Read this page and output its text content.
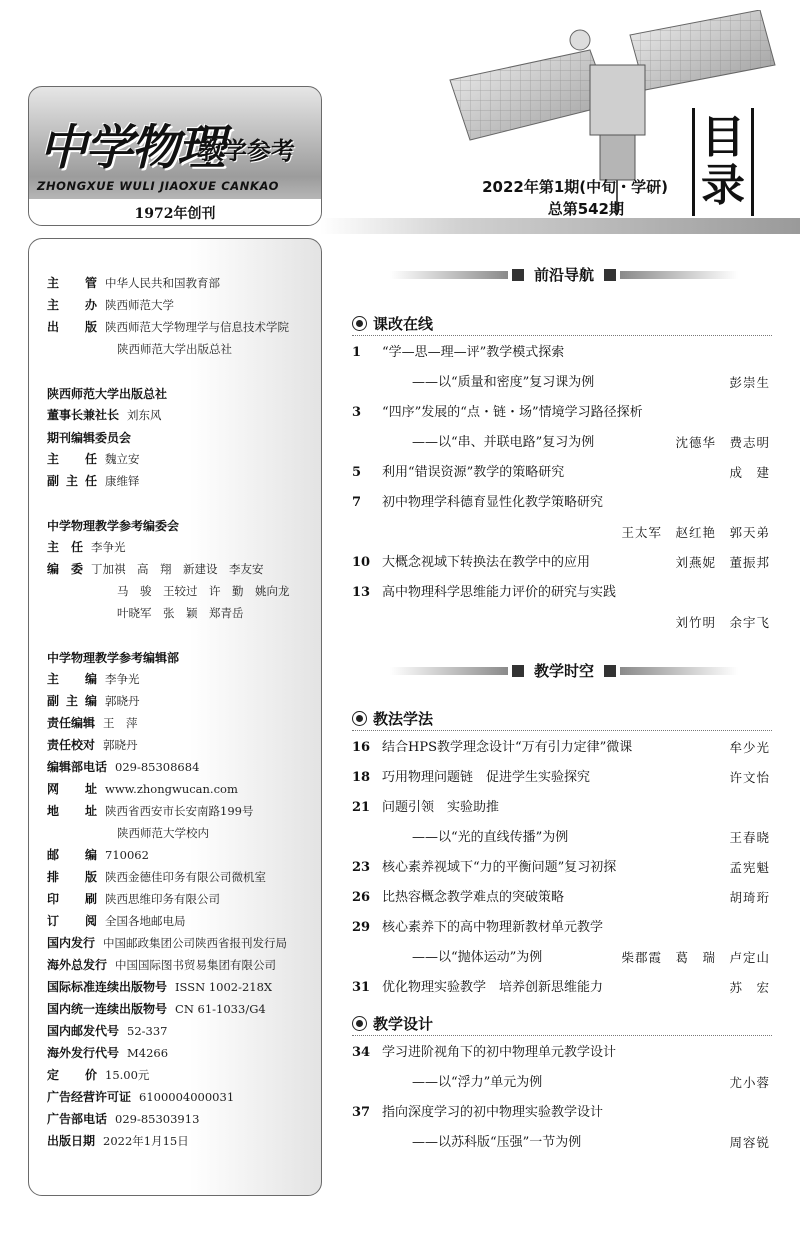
中学物理
教学参考
ZHONGXUE WULI JIAOXUE CANKAO
1972年创刊
2022年第1期(中旬・学研)
总第542期
目
录
主　管 中华人民共和国教育部
主　办 陕西师范大学
出　版 陕西师范大学物理学与信息技术学院
陕西师范大学出版总社
陕西师范大学出版总社
董事长兼社长 刘东风
期刊编辑委员会
主　任 魏立安
副主任 康维铎
中学物理教学参考编委会
主　任 李争光
编　委 丁加祺　高　翔　新建设　李友安
马　骏　王较过　许　勤　姚向龙
叶晓军　张　颖　郑青岳
中学物理教学参考编辑部
主　编 李争光
副主编 郭晓丹
责任编辑 王　萍
责任校对 郭晓丹
编辑部电话 029-85308684
网　址 www.zhongwucan.com
地　址 陕西省西安市长安南路199号
陕西师范大学校内
邮　编 710062
排　版 陕西金德佳印务有限公司微机室
印　刷 陕西思维印务有限公司
订　阅 全国各地邮电局
国内发行 中国邮政集团公司陕西省报刊发行局
海外总发行 中国国际图书贸易集团有限公司
国际标准连续出版物号 ISSN 1002-218X
国内统一连续出版物号 CN 61-1033/G4
国内邮发代号 52-337
海外发行代号 M4266
定　价 15.00元
广告经营许可证 6100004000031
广告部电话 029-85303913
出版日期 2022年1月15日
前沿导航
课改在线
1 “学—思—理—评”教学模式探索
——以“质量和密度”复习课为例	彭崇生
3 “四序”发展的“点・链・场”情境学习路径探析
——以“串、并联电路”复习为例	沈德华　费志明
5 利用“错误资源”教学的策略研究	成　建
7 初中物理学科德育显性化教学策略研究
王太军　赵红艳　郭天弟
10 大概念视域下转换法在教学中的应用	刘燕妮　董振邦
13 高中物理科学思维能力评价的研究与实践
刘竹明　余宇飞
教学时空
教法学法
16 结合HPS教学理念设计“万有引力定律”微课	牟少光
18 巧用物理问题链　促进学生实验探究	许文怡
21 问题引领　实验助推
——以“光的直线传播”为例	王春晓
23 核心素养视域下“力的平衡问题”复习初探	孟宪魁
26 比热容概念教学难点的突破策略	胡琦珩
29 核心素养下的高中物理新教材单元教学
——以“抛体运动”为例	柴郡霞　葛　瑞　卢定山
31 优化物理实验教学　培养创新思维能力	苏　宏
教学设计
34 学习进阶视角下的初中物理单元教学设计
——以“浮力”单元为例	尤小蓉
37 指向深度学习的初中物理实验教学设计
——以苏科版“压强”一节为例	周容锐
